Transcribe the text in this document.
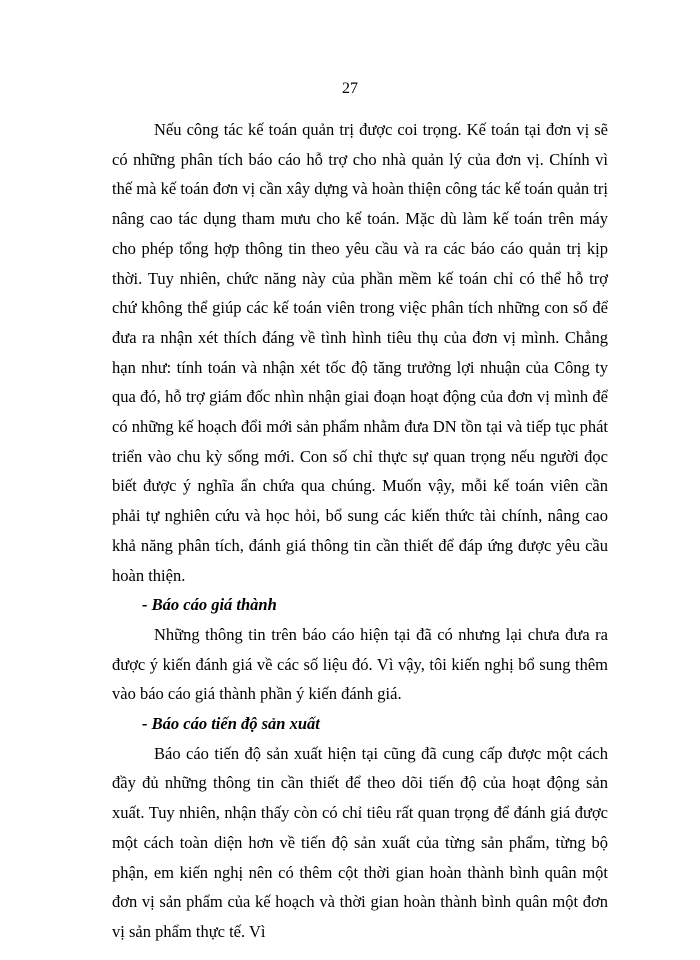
27

Nếu công tác kế toán quản trị được coi trọng. Kế toán tại đơn vị sẽ có những phân tích báo cáo hỗ trợ cho nhà quản lý của đơn vị. Chính vì thế mà kế toán đơn vị cần xây dựng và hoàn thiện công tác kế toán quản trị nâng cao tác dụng tham mưu cho kế toán. Mặc dù làm kế toán trên máy cho phép tổng hợp thông tin theo yêu cầu và ra các báo cáo quản trị kịp thời. Tuy nhiên, chức năng này của phần mềm kế toán chỉ có thể hỗ trợ chứ không thể giúp các kế toán viên trong việc phân tích những con số để đưa ra nhận xét thích đáng về tình hình tiêu thụ của đơn vị mình. Chẳng hạn như: tính toán và nhận xét tốc độ tăng trưởng lợi nhuận của Công ty qua đó, hỗ trợ giám đốc nhìn nhận giai đoạn hoạt động của đơn vị mình để có những kế hoạch đổi mới sản phẩm nhằm đưa DN tồn tại và tiếp tục phát triển vào chu kỳ sống mới. Con số chỉ thực sự quan trọng nếu người đọc biết được ý nghĩa ẩn chứa qua chúng. Muốn vậy, mỗi kế toán viên cần phải tự nghiên cứu và học hỏi, bổ sung các kiến thức tài chính, nâng cao khả năng phân tích, đánh giá thông tin cần thiết để đáp ứng được yêu cầu hoàn thiện.

- Báo cáo giá thành

Những thông tin trên báo cáo hiện tại đã có nhưng lại chưa đưa ra được ý kiến đánh giá về các số liệu đó. Vì vậy, tôi kiến nghị bổ sung thêm vào báo cáo giá thành phần ý kiến đánh giá.

- Báo cáo tiến độ sản xuất

Báo cáo tiến độ sản xuất hiện tại cũng đã cung cấp được một cách đầy đủ những thông tin cần thiết để theo dõi tiến độ của hoạt động sản xuất. Tuy nhiên, nhận thấy còn có chỉ tiêu rất quan trọng để đánh giá được một cách toàn diện hơn về tiến độ sản xuất của từng sản phẩm, từng bộ phận, em kiến nghị nên có thêm cột thời gian hoàn thành bình quân một đơn vị sản phẩm của kế hoạch và thời gian hoàn thành bình quân một đơn vị sản phẩm thực tế. Vì
